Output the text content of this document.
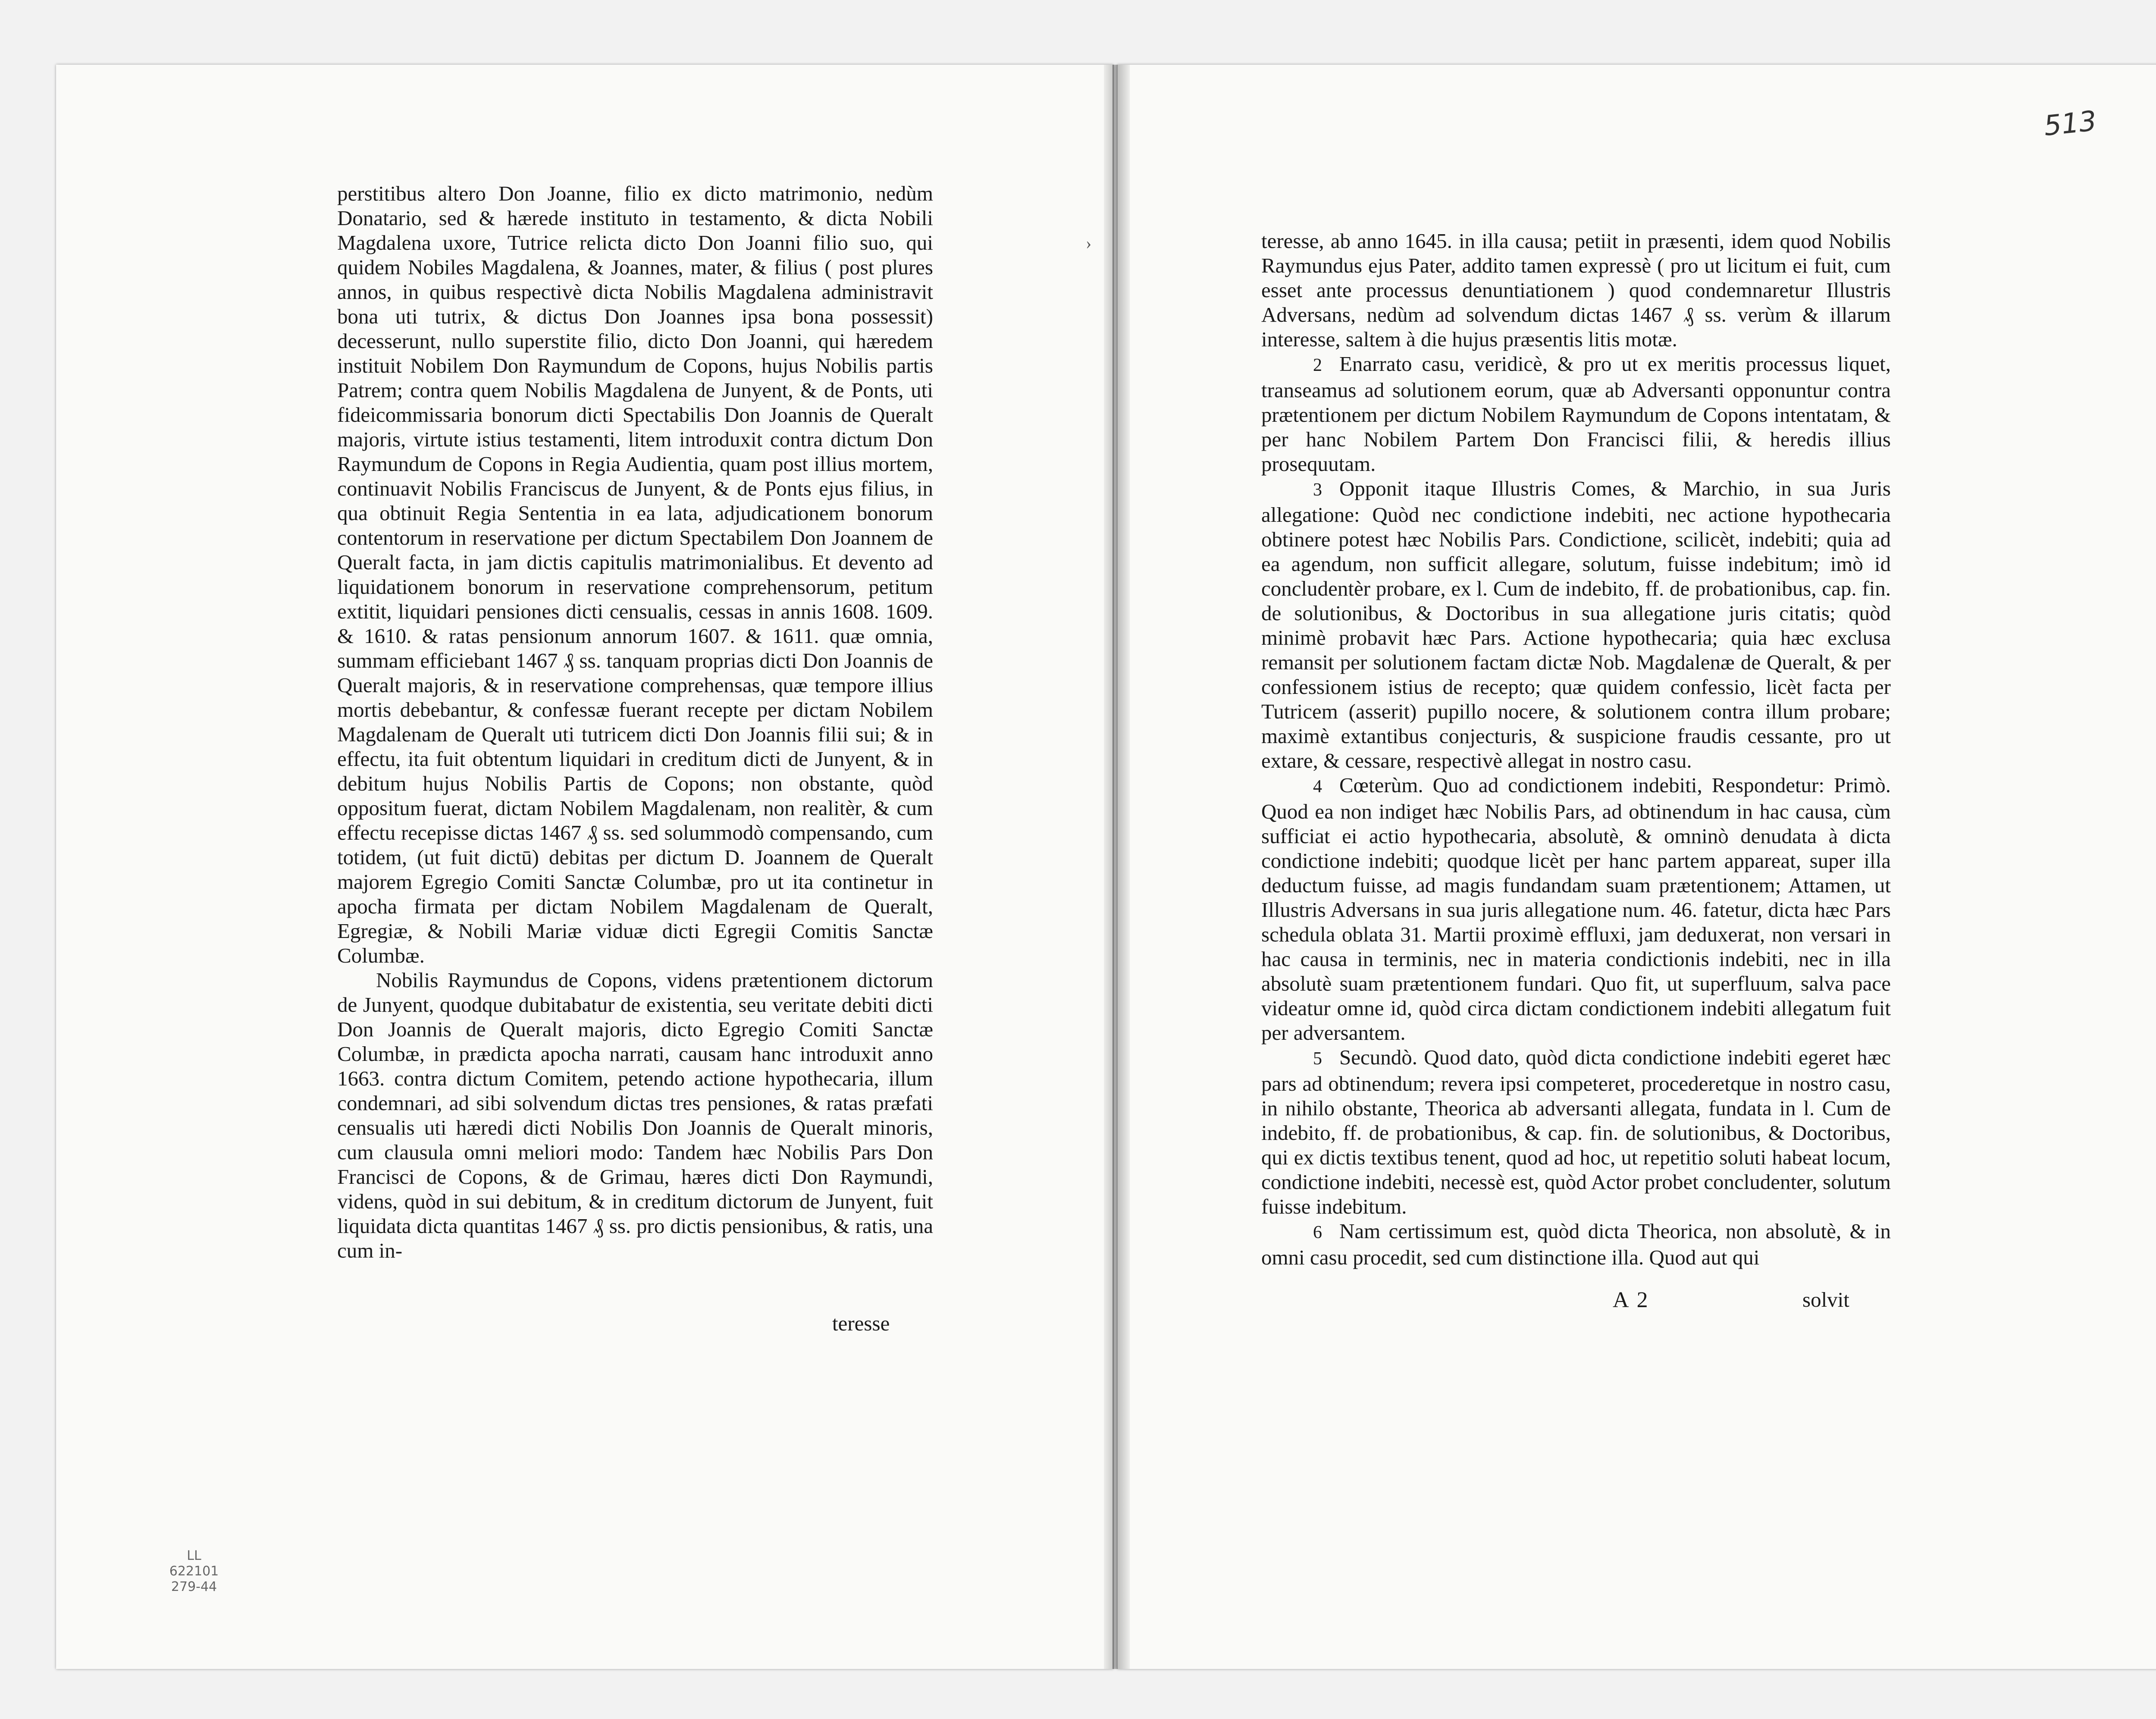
›

perstitibus altero Don Joanne, filio ex dicto matrimonio, nedùm Donatario, sed & hærede instituto in testamento, & dicta Nobili Magdalena uxore, Tutrice relicta dicto Don Joanni filio suo, qui quidem Nobiles Magdalena, & Joannes, mater, & filius ( post plures annos, in quibus respectivè dicta Nobilis Magdalena administravit bona uti tutrix, & dictus Don Joannes ipsa bona possessit) decesserunt, nullo superstite filio, dicto Don Joanni, qui hæredem instituit Nobilem Don Raymundum de Copons, hujus Nobilis partis Patrem; contra quem Nobilis Magdalena de Junyent, & de Ponts, uti fideicommissaria bonorum dicti Spectabilis Don Joannis de Queralt majoris, virtute istius testamenti, litem introduxit contra dictum Don Raymundum de Copons in Regia Audientia, quam post illius mortem, continuavit Nobilis Franciscus de Junyent, & de Ponts ejus filius, in qua obtinuit Regia Sententia in ea lata, adjudicationem bonorum contentorum in reservatione per dictum Spectabilem Don Joannem de Queralt facta, in jam dictis capitulis matrimonialibus. Et devento ad liquidationem bonorum in reservatione comprehensorum, petitum extitit, liquidari pensiones dicti censualis, cessas in annis 1608. 1609. & 1610. & ratas pensionum annorum 1607. & 1611. quæ omnia, summam efficiebant 1467 ₰ ss. tanquam proprias dicti Don Joannis de Queralt majoris, & in reservatione comprehensas, quæ tempore illius mortis debebantur, & confessæ fuerant recepte per dictam Nobilem Magdalenam de Queralt uti tutricem dicti Don Joannis filii sui; & in effectu, ita fuit obtentum liquidari in creditum dicti de Junyent, & in debitum hujus Nobilis Partis de Copons; non obstante, quòd oppositum fuerat, dictam Nobilem Magdalenam, non realitèr, & cum effectu recepisse dictas 1467 ₰ ss. sed solummodò compensando, cum totidem, (ut fuit dictū) debitas per dictum D. Joannem de Queralt majorem Egregio Comiti Sanctæ Columbæ, pro ut ita continetur in apocha firmata per dictam Nobilem Magdalenam de Queralt, Egregiæ, & Nobili Mariæ viduæ dicti Egregii Comitis Sanctæ Columbæ.

Nobilis Raymundus de Copons, videns prætentionem dictorum de Junyent, quodque dubitabatur de existentia, seu veritate debiti dicti Don Joannis de Queralt majoris, dicto Egregio Comiti Sanctæ Columbæ, in prædicta apocha narrati, causam hanc introduxit anno 1663. contra dictum Comitem, petendo actione hypothecaria, illum condemnari, ad sibi solvendum dictas tres pensiones, & ratas præfati censualis uti hæredi dicti Nobilis Don Joannis de Queralt minoris, cum clausula omni meliori modo: Tandem hæc Nobilis Pars Don Francisci de Copons, & de Grimau, hæres dicti Don Raymundi, videns, quòd in sui debitum, & in creditum dictorum de Junyent, fuit liquidata dicta quantitas 1467 ₰ ss. pro dictis pensionibus, & ratis, una cum in-

teresse
513

teresse, ab anno 1645. in illa causa; petiit in præsenti, idem quod Nobilis Raymundus ejus Pater, addito tamen expressè ( pro ut licitum ei fuit, cum esset ante processus denuntiationem ) quod condemnaretur Illustris Adversans, nedùm ad solvendum dictas 1467 ₰ ss. verùm & illarum interesse, saltem à die hujus præsentis litis motæ.

2 Enarrato casu, veridicè, & pro ut ex meritis processus liquet, transeamus ad solutionem eorum, quæ ab Adversanti opponuntur contra prætentionem per dictum Nobilem Raymundum de Copons intentatam, & per hanc Nobilem Partem Don Francisci filii, & heredis illius prosequutam.

3 Opponit itaque Illustris Comes, & Marchio, in sua Juris allegatione: Quòd nec condictione indebiti, nec actione hypothecaria obtinere potest hæc Nobilis Pars. Condictione, scilicèt, indebiti; quia ad ea agendum, non sufficit allegare, solutum, fuisse indebitum; imò id concludentèr probare, ex l. Cum de indebito, ff. de probationibus, cap. fin. de solutionibus, & Doctoribus in sua allegatione juris citatis; quòd minimè probavit hæc Pars. Actione hypothecaria; quia hæc exclusa remansit per solutionem factam dictæ Nob. Magdalenæ de Queralt, & per confessionem istius de recepto; quæ quidem confessio, licèt facta per Tutricem (asserit) pupillo nocere, & solutionem contra illum probare; maximè extantibus conjecturis, & suspicione fraudis cessante, pro ut extare, & cessare, respectivè allegat in nostro casu.

4 Cœterùm. Quo ad condictionem indebiti, Respondetur: Primò. Quod ea non indiget hæc Nobilis Pars, ad obtinendum in hac causa, cùm sufficiat ei actio hypothecaria, absolutè, & omninò denudata à dicta condictione indebiti; quodque licèt per hanc partem appareat, super illa deductum fuisse, ad magis fundandam suam prætentionem; Attamen, ut Illustris Adversans in sua juris allegatione num. 46. fatetur, dicta hæc Pars schedula oblata 31. Martii proximè effluxi, jam deduxerat, non versari in hac causa in terminis, nec in materia condictionis indebiti, nec in illa absolutè suam prætentionem fundari. Quo fit, ut superfluum, salva pace videatur omne id, quòd circa dictam condictionem indebiti allegatum fuit per adversantem.

5 Secundò. Quod dato, quòd dicta condictione indebiti egeret hæc pars ad obtinendum; revera ipsi competeret, procederetque in nostro casu, in nihilo obstante, Theorica ab adversanti allegata, fundata in l. Cum de indebito, ff. de probationibus, & cap. fin. de solutionibus, & Doctoribus, qui ex dictis textibus tenent, quod ad hoc, ut repetitio soluti habeat locum, condictione indebiti, necessè est, quòd Actor probet concludenter, solutum fuisse indebitum.

6 Nam certissimum est, quòd dicta Theorica, non absolutè, & in omni casu procedit, sed cum distinctione illa. Quod aut qui

A 2	solvit
LL
622101
279-44
